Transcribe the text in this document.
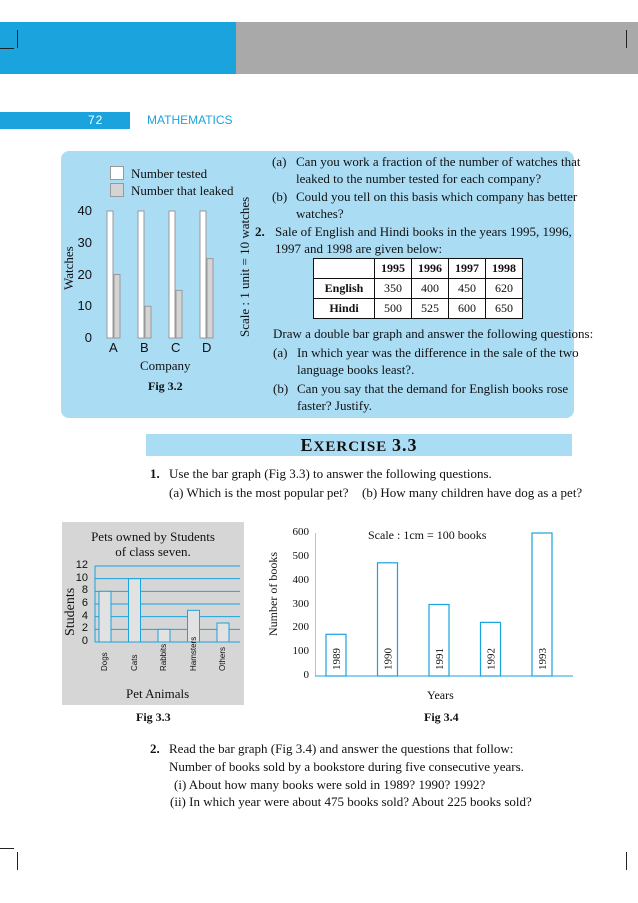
72	MATHEMATICS
Number tested
Number that leaked
0
10
20
30
40
Watches
A B C D
Company
Fig 3.2
Scale : 1 unit = 10 watches
(a) Can you work a fraction of the number of watches that
leaked to the number tested for each company?
(b) Could you tell on this basis which company has better
watches?
2. Sale of English and Hindi books in the years 1995, 1996,
1997 and 1998 are given below:
	1995	1996	1997	1998
English	350	400	450	620
Hindi	500	525	600	650
Draw a double bar graph and answer the following questions:
(a) In which year was the difference in the sale of the two
language books least?.
(b) Can you say that the demand for English books rose
faster? Justify.
EXERCISE 3.3
1. Use the bar graph (Fig 3.3) to answer the following questions.
(a) Which is the most popular pet? (b) How many children have dog as a pet?
Pets owned by Students
of class seven.
Students
0
2
4
6
8
10
12
Dogs	Cats	Rabbits	Hamsters	Others
Pet Animals
Fig 3.3
Number of books
0
100
200
300
400
500
600	Scale : 1cm = 100 books
1989	1990	1991	1992	1993
Years
Fig 3.4
2. Read the bar graph (Fig 3.4) and answer the questions that follow:
Number of books sold by a bookstore during five consecutive years.
(i) About how many books were sold in 1989? 1990? 1992?
(ii) In which year were about 475 books sold? About 225 books sold?
